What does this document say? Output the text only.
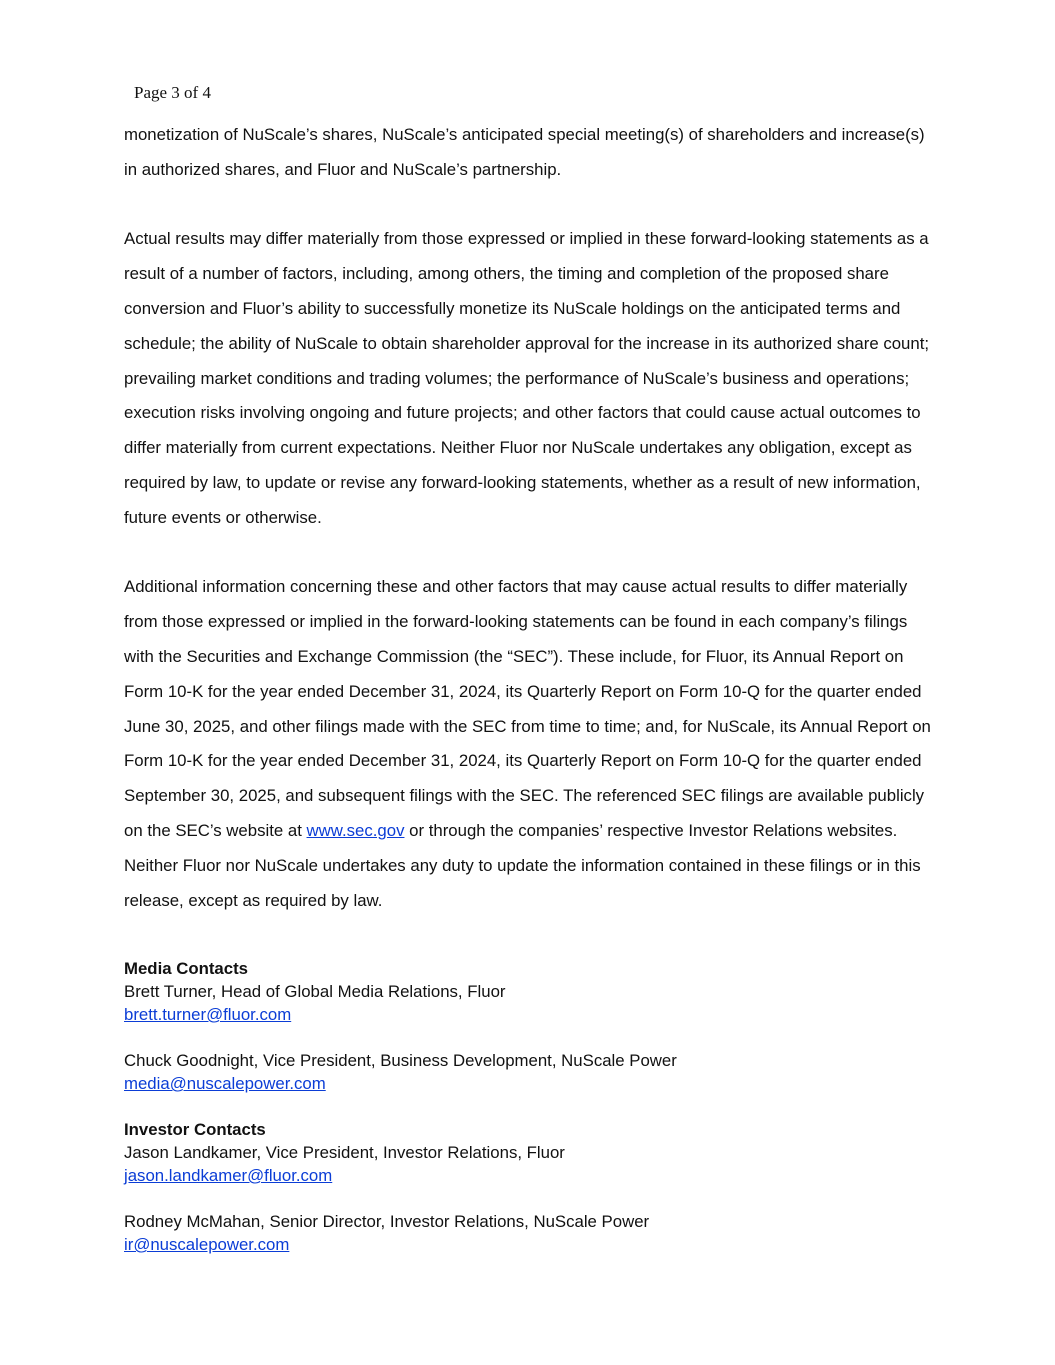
Page 3 of 4

monetization of NuScale’s shares, NuScale’s anticipated special meeting(s) of shareholders and increase(s) in authorized shares, and Fluor and NuScale’s partnership.

Actual results may differ materially from those expressed or implied in these forward-looking statements as a result of a number of factors, including, among others, the timing and completion of the proposed share conversion and Fluor’s ability to successfully monetize its NuScale holdings on the anticipated terms and schedule; the ability of NuScale to obtain shareholder approval for the increase in its authorized share count; prevailing market conditions and trading volumes; the performance of NuScale’s business and operations; execution risks involving ongoing and future projects; and other factors that could cause actual outcomes to differ materially from current expectations. Neither Fluor nor NuScale undertakes any obligation, except as required by law, to update or revise any forward-looking statements, whether as a result of new information, future events or otherwise.

Additional information concerning these and other factors that may cause actual results to differ materially from those expressed or implied in the forward-looking statements can be found in each company’s filings with the Securities and Exchange Commission (the “SEC”). These include, for Fluor, its Annual Report on Form 10-K for the year ended December 31, 2024, its Quarterly Report on Form 10-Q for the quarter ended June 30, 2025, and other filings made with the SEC from time to time; and, for NuScale, its Annual Report on Form 10-K for the year ended December 31, 2024, its Quarterly Report on Form 10-Q for the quarter ended September 30, 2025, and subsequent filings with the SEC. The referenced SEC filings are available publicly on the SEC’s website at www.sec.gov or through the companies’ respective Investor Relations websites. Neither Fluor nor NuScale undertakes any duty to update the information contained in these filings or in this release, except as required by law.

Media Contacts
Brett Turner, Head of Global Media Relations, Fluor
brett.turner@fluor.com
Chuck Goodnight, Vice President, Business Development, NuScale Power
media@nuscalepower.com
Investor Contacts
Jason Landkamer, Vice President, Investor Relations, Fluor
jason.landkamer@fluor.com
Rodney McMahan, Senior Director, Investor Relations, NuScale Power
ir@nuscalepower.com
